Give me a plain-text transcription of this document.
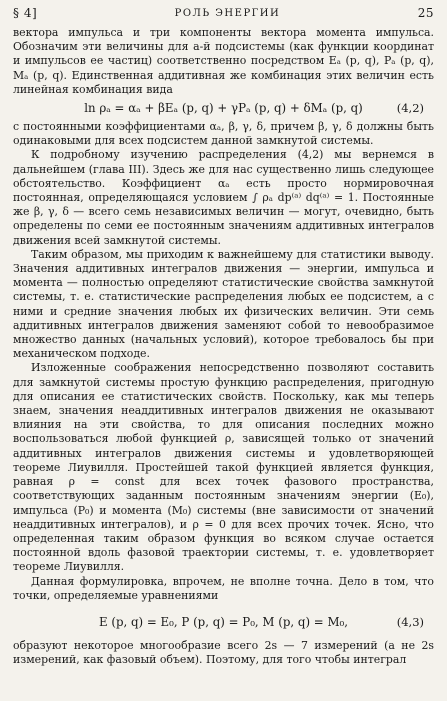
§ 4]	РОЛЬ ЭНЕРГИИ	25

вектора импульса и три компоненты вектора момента импульса. Обозначим эти величины для a-й подсистемы (как функции координат и импульсов ее частиц) соответственно посредством Eₐ (p, q), Pₐ (p, q), Mₐ (p, q). Единственная аддитивная же комбинация этих величин есть линейная комбинация вида

ln ρₐ = αₐ + βEₐ (p, q) + γPₐ (p, q) + δMₐ (p, q)	(4,2)

с постоянными коэффициентами αₐ, β, γ, δ, причем β, γ, δ должны быть одинаковыми для всех подсистем данной замкнутой системы.

К подробному изучению распределения (4,2) мы вернемся в дальнейшем (глава III). Здесь же для нас существенно лишь следующее обстоятельство. Коэффициент αₐ есть просто нормировочная постоянная, определяющаяся условием ∫ ρₐ dp⁽ᵃ⁾ dq⁽ᵃ⁾ = 1. Постоянные же β, γ, δ — всего семь независимых величин — могут, очевидно, быть определены по семи ее постоянным значениям аддитивных интегралов движения всей замкнутой системы.

Таким образом, мы приходим к важнейшему для статистики выводу. Значения аддитивных интегралов движения — энергии, импульса и момента — полностью определяют статистические свойства замкнутой системы, т. е. статистические распределения любых ее подсистем, а с ними и средние значения любых их физических величин. Эти семь аддитивных интегралов движения заменяют собой то невообразимое множество данных (начальных условий), которое требовалось бы при механическом подходе.

Изложенные соображения непосредственно позволяют составить для замкнутой системы простую функцию распределения, пригодную для описания ее статистических свойств. Поскольку, как мы теперь знаем, значения неаддитивных интегралов движения не оказывают влияния на эти свойства, то для описания последних можно воспользоваться любой функцией ρ, зависящей только от значений аддитивных интегралов движения системы и удовлетворяющей теореме Лиувилля. Простейшей такой функцией является функция, равная ρ = const для всех точек фазового пространства, соответствующих заданным постоянным значениям энергии (E₀), импульса (P₀) и момента (M₀) системы (вне зависимости от значений неаддитивных интегралов), и ρ = 0 для всех прочих точек. Ясно, что определенная таким образом функция во всяком случае остается постоянной вдоль фазовой траектории системы, т. е. удовлетворяет теореме Лиувилля.

Данная формулировка, впрочем, не вполне точна. Дело в том, что точки, определяемые уравнениями

E (p, q) = E₀, P (p, q) = P₀, M (p, q) = M₀,	(4,3)

образуют некоторое многообразие всего 2s — 7 измерений (а не 2s измерений, как фазовый объем). Поэтому, для того чтобы интеграл
